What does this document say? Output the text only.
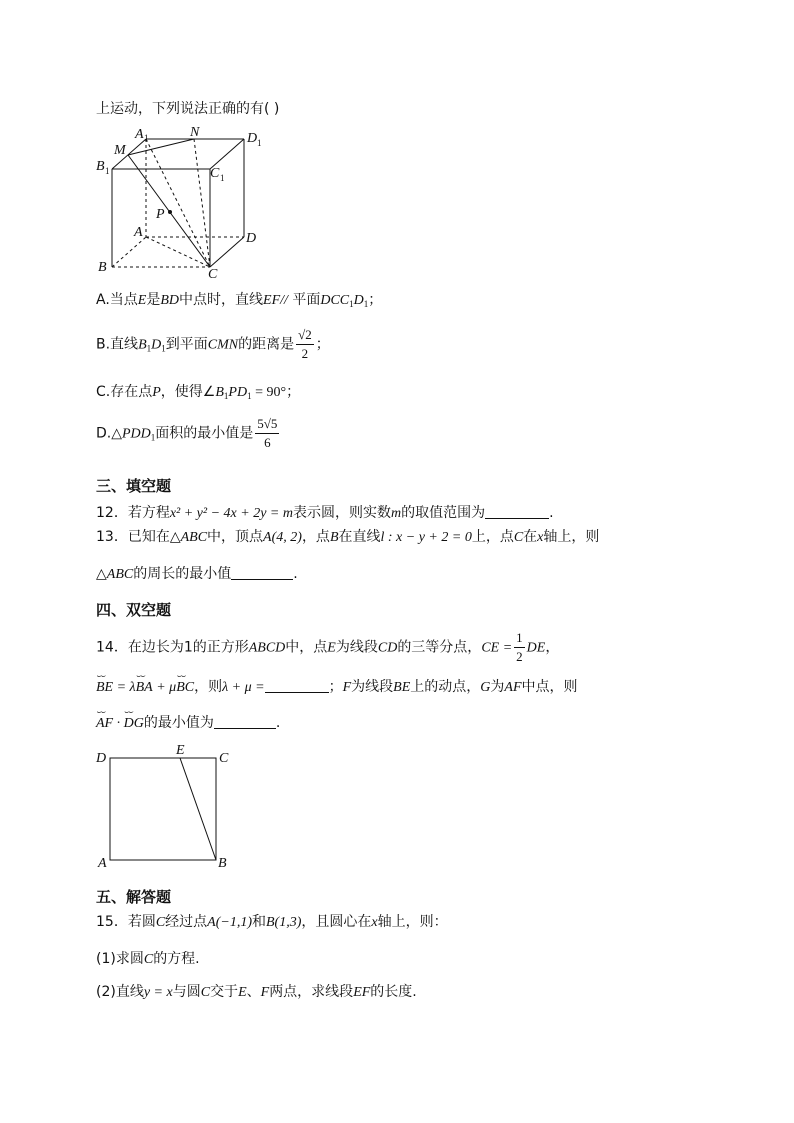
上运动，下列说法正确的有( )
A 1	N	D 1
M
B 1	C 1
P
A	D
B	C
A.当点E是BD中点时，直线EF// 平面$DCC_1D_1$；
B.直线$B_1D_1$到平面CMN的距离是 $\frac{√2}{2}$ ；
C.存在点P，使得$\angle B_1PD_1 = 90^\circ$；
$D.\triangle PDD_1$面积的最小值是 $\frac{5√5}{6}$
三、填空题
12．若方程x² + y² − 4x + 2y = m表示圆，则实数m的取值范围为	.
13．已知在△ABC中，顶点A(4, 2)，点B在直线l : x − y + 2 = 0上，点C在x轴上，则
△ABC的周长的最小值	.
四、双空题
14．在边长为1的正方形ABCD中，点E为线段CD的三等分点，CE = $\frac{1}{2}$ DE，
⌣⌣ BE = λ⌣⌣ BA + μ⌣⌣ BC，则λ + μ =	；F为线段BE上的动点，G为AF中点，则
⌣⌣ AF · ⌣⌣ DG的最小值为	.
D
E
C
A	B
五、解答题
15．若圆C经过点A(−1,1)和B(1,3)，且圆心在x轴上，则：
(1)求圆C的方程.
(2)直线y = x与圆C交于E、F两点，求线段EF的长度.
